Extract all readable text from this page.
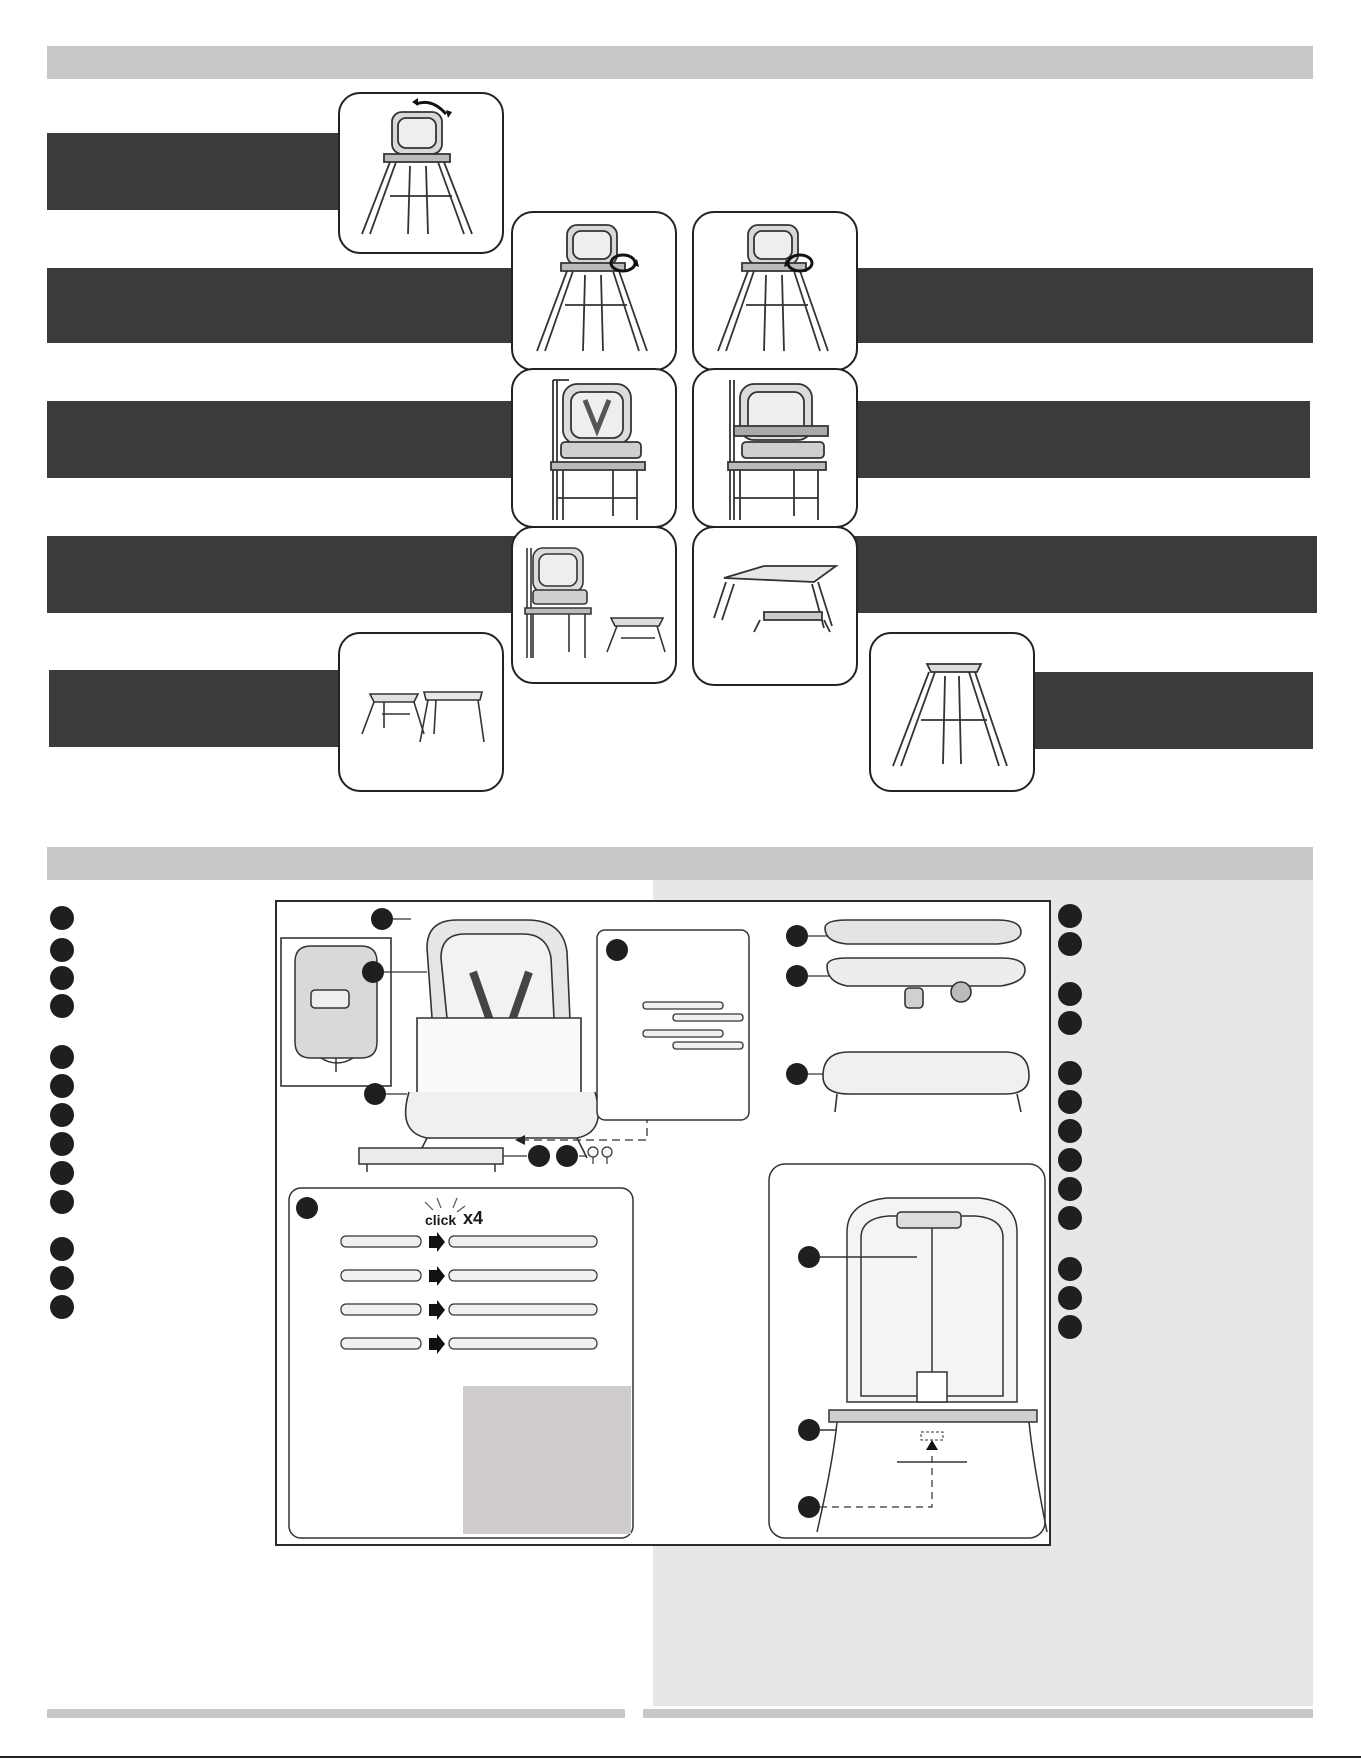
click x4
